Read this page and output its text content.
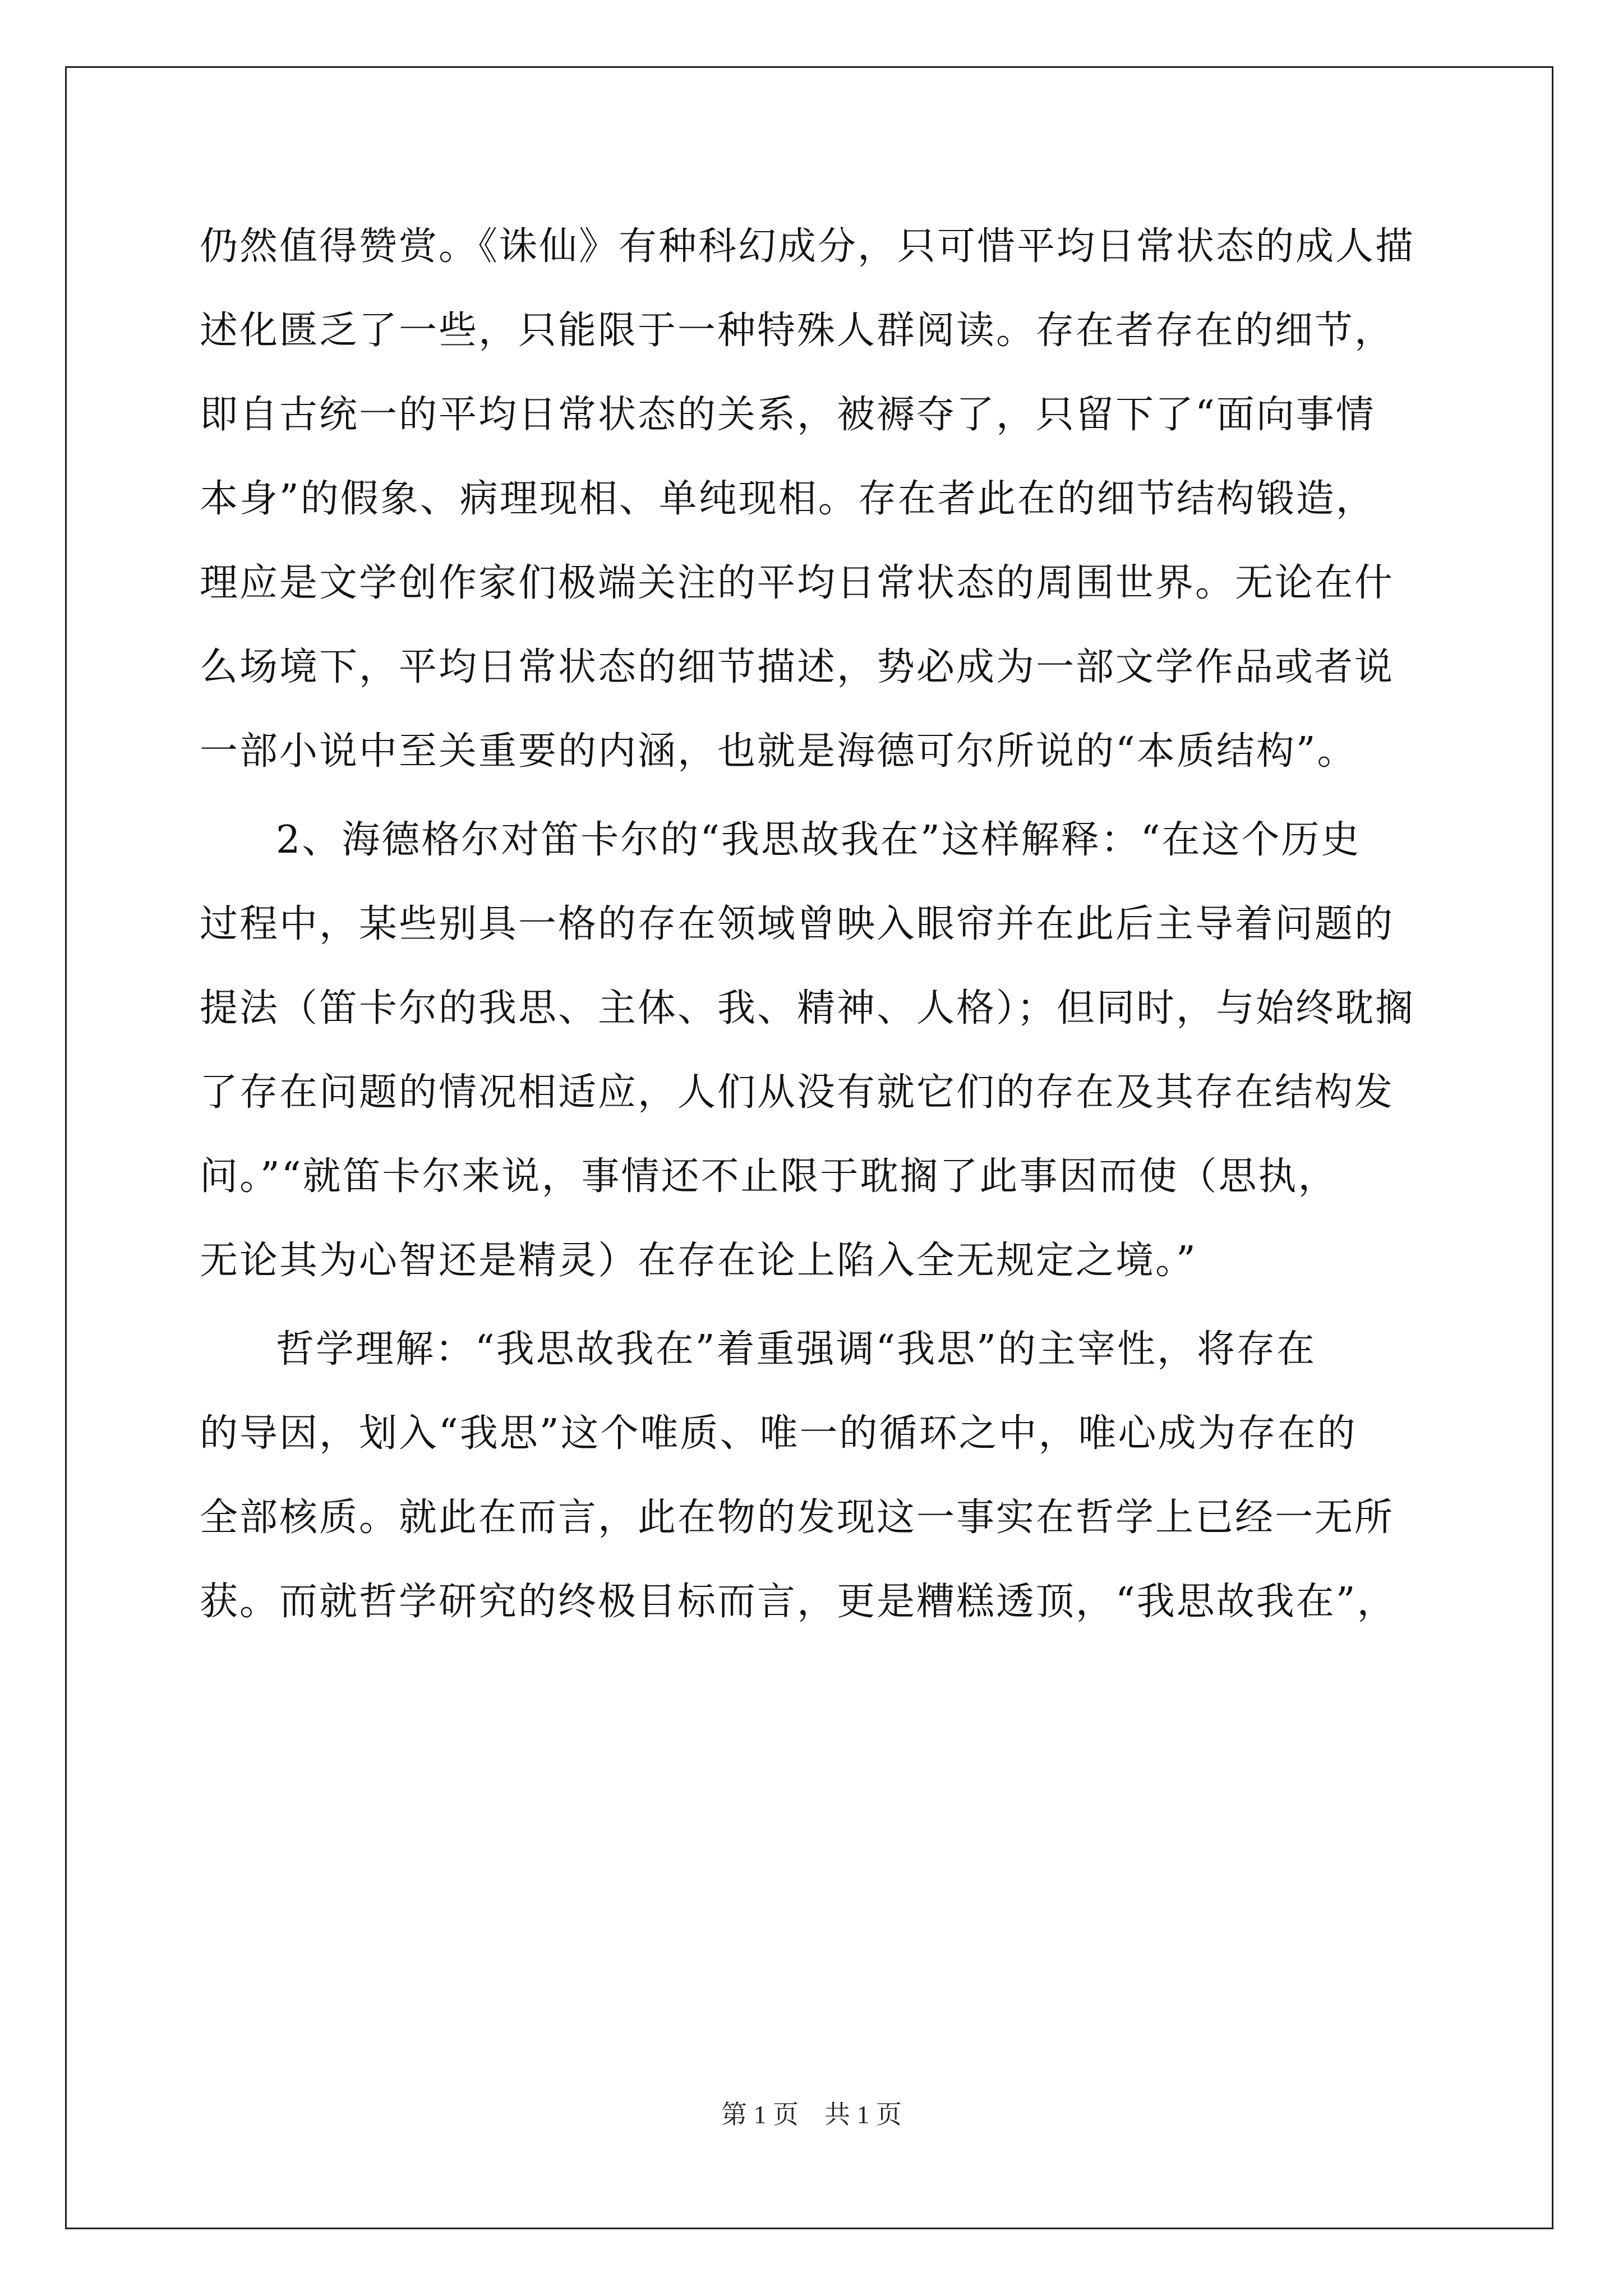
仍然值得赞赏。《诛仙》有种科幻成分，只可惜平均日常状态的成人描
述化匮乏了一些，只能限于一种特殊人群阅读。存在者存在的细节，
即自古统一的平均日常状态的关系，被褥夺了，只留下了“面向事情
本身”的假象、病理现相、单纯现相。存在者此在的细节结构锻造，
理应是文学创作家们极端关注的平均日常状态的周围世界。无论在什
么场境下，平均日常状态的细节描述，势必成为一部文学作品或者说
一部小说中至关重要的内涵，也就是海德可尔所说的“本质结构”。
2、海德格尔对笛卡尔的“我思故我在”这样解释：“在这个历史
过程中，某些别具一格的存在领域曾映入眼帘并在此后主导着问题的
提法（笛卡尔的我思、主体、我、精神、人格）；但同时，与始终耽搁
了存在问题的情况相适应，人们从没有就它们的存在及其存在结构发
问。”“就笛卡尔来说，事情还不止限于耽搁了此事因而使（思执，
无论其为心智还是精灵）在存在论上陷入全无规定之境。”
哲学理解：“我思故我在”着重强调“我思”的主宰性，将存在
的导因，划入“我思”这个唯质、唯一的循环之中，唯心成为存在的
全部核质。就此在而言，此在物的发现这一事实在哲学上已经一无所
获。而就哲学研究的终极目标而言，更是糟糕透顶，“我思故我在”，
第 1 页　共 1 页
